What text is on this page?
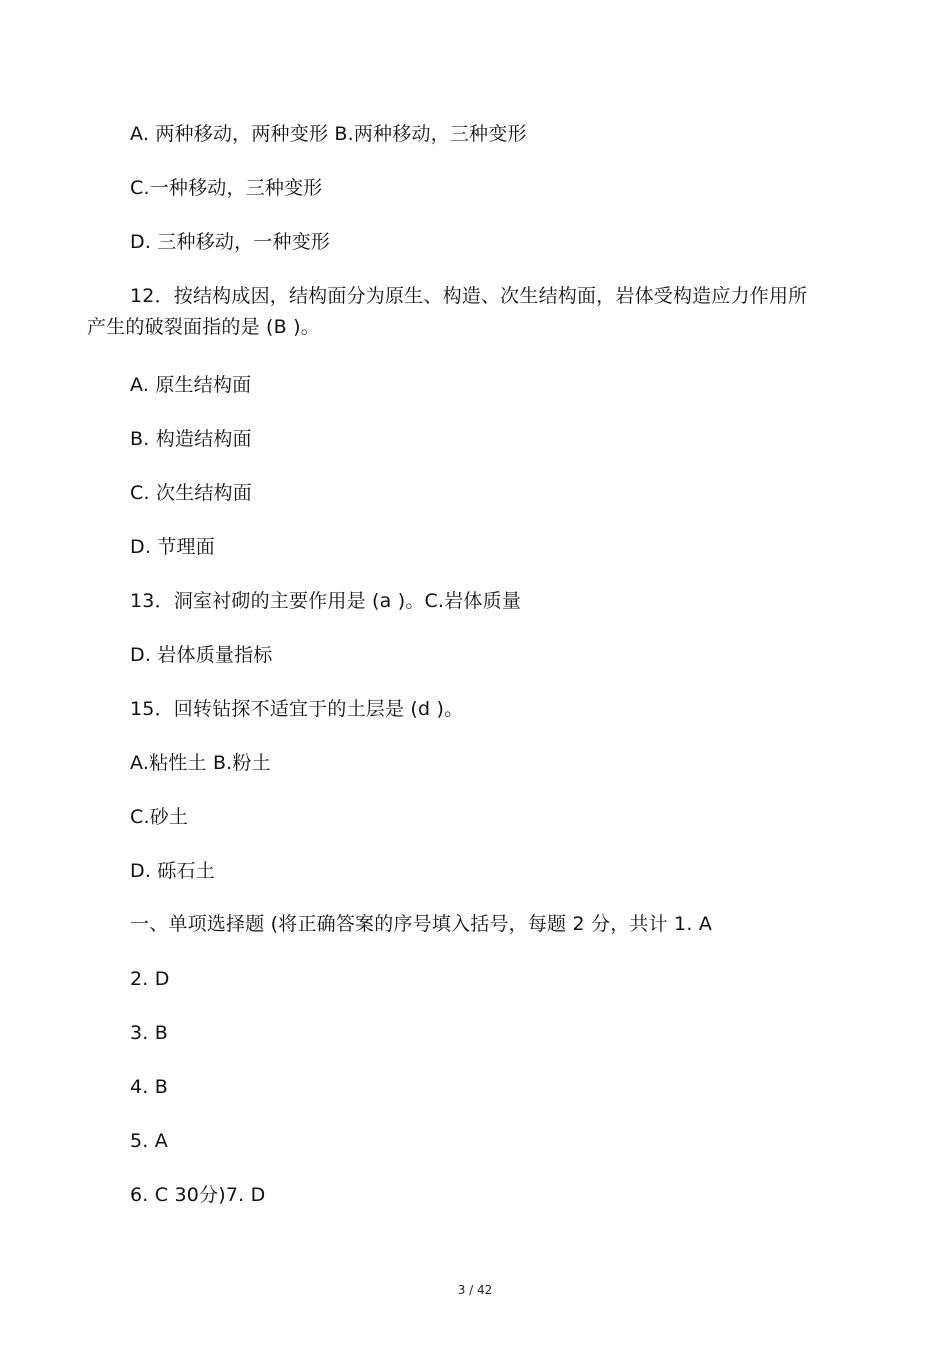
A. 两种移动，两种变形 B.两种移动，三种变形
C.一种移动，三种变形
D. 三种移动，一种变形
12．按结构成因，结构面分为原生、构造、次生结构面，岩体受构造应力作用所产生的破裂面指的是 (B )。
A. 原生结构面
B. 构造结构面
C. 次生结构面
D. 节理面
13．洞室衬砌的主要作用是 (a )。C.岩体质量
D. 岩体质量指标
15．回转钻探不适宜于的土层是 (d )。
A.粘性土 B.粉土
C.砂土
D. 砾石土
一、单项选择题 (将正确答案的序号填入括号，每题 2 分，共计 1. A
2. D
3. B
4. B
5. A
6. C 30分)7. D
3 / 42
